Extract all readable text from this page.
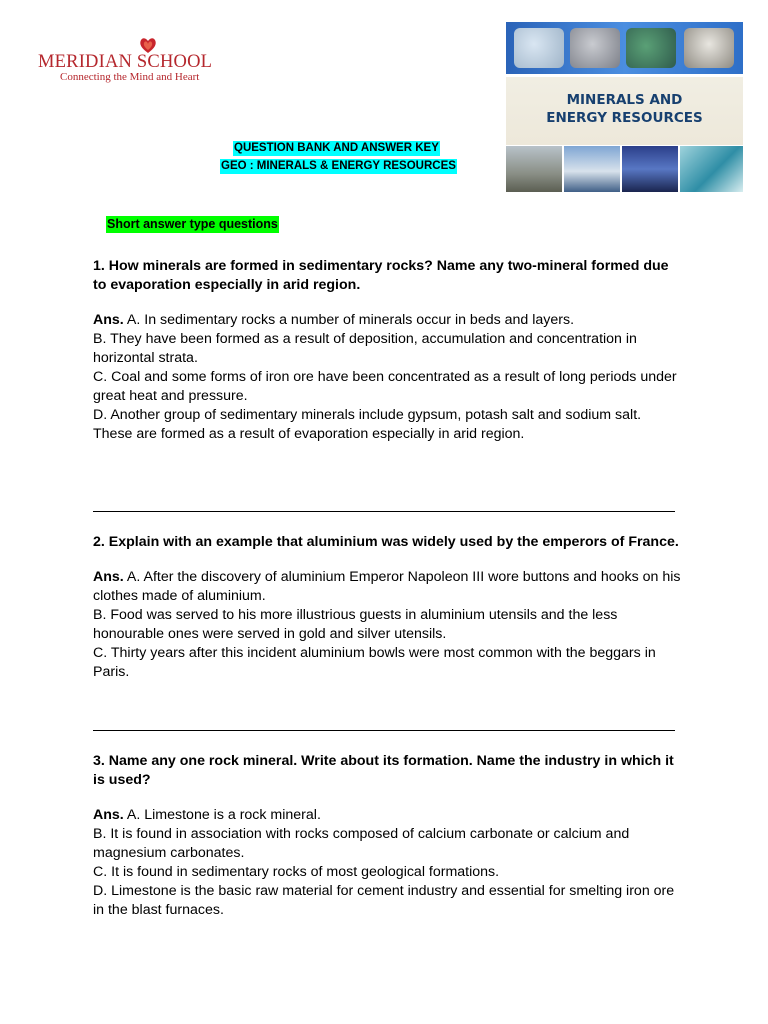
MERIDIAN SCHOOL
Connecting the Mind and Heart
MINERALS AND
ENERGY RESOURCES
QUESTION BANK AND ANSWER KEY
GEO : MINERALS & ENERGY RESOURCES
Short answer type questions

1. How minerals are formed in sedimentary rocks? Name any two-mineral formed due to evaporation especially in arid region.

Ans. A. In sedimentary rocks a number of minerals occur in beds and layers.
B. They have been formed as a result of deposition, accumulation and concentration in horizontal strata.
C. Coal and some forms of iron ore have been concentrated as a result of long periods under great heat and pressure.
D. Another group of sedimentary minerals include gypsum, potash salt and sodium salt. These are formed as a result of evaporation especially in arid region.

2. Explain with an example that aluminium was widely used by the emperors of France.

Ans. A. After the discovery of aluminium Emperor Napoleon III wore buttons and hooks on his clothes made of aluminium.
B. Food was served to his more illustrious guests in aluminium utensils and the less honourable ones were served in gold and silver utensils.
C. Thirty years after this incident aluminium bowls were most common with the beggars in Paris.

3. Name any one rock mineral. Write about its formation. Name the industry in which it is used?

Ans. A. Limestone is a rock mineral.
B. It is found in association with rocks composed of calcium carbonate or calcium and magnesium carbonates.
C. It is found in sedimentary rocks of most geological formations.
D. Limestone is the basic raw material for cement industry and essential for smelting iron ore in the blast furnaces.
